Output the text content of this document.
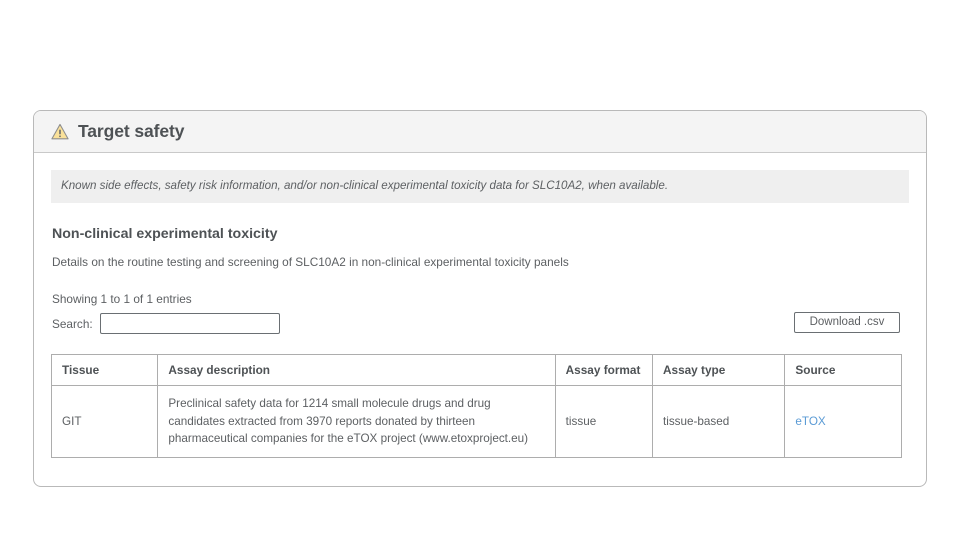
Target safety
Known side effects, safety risk information, and/or non-clinical experimental toxicity data for SLC10A2, when available.
Non-clinical experimental toxicity
Details on the routine testing and screening of SLC10A2 in non-clinical experimental toxicity panels
Showing 1 to 1 of 1 entries
Search:	Download .csv
Tissue	Assay description	Assay format	Assay type	Source
GIT	Preclinical safety data for 1214 small molecule drugs and drug candidates extracted from 3970 reports donated by thirteen pharmaceutical companies for the eTOX project (www.etoxproject.eu)	tissue	tissue-based	eTOX
